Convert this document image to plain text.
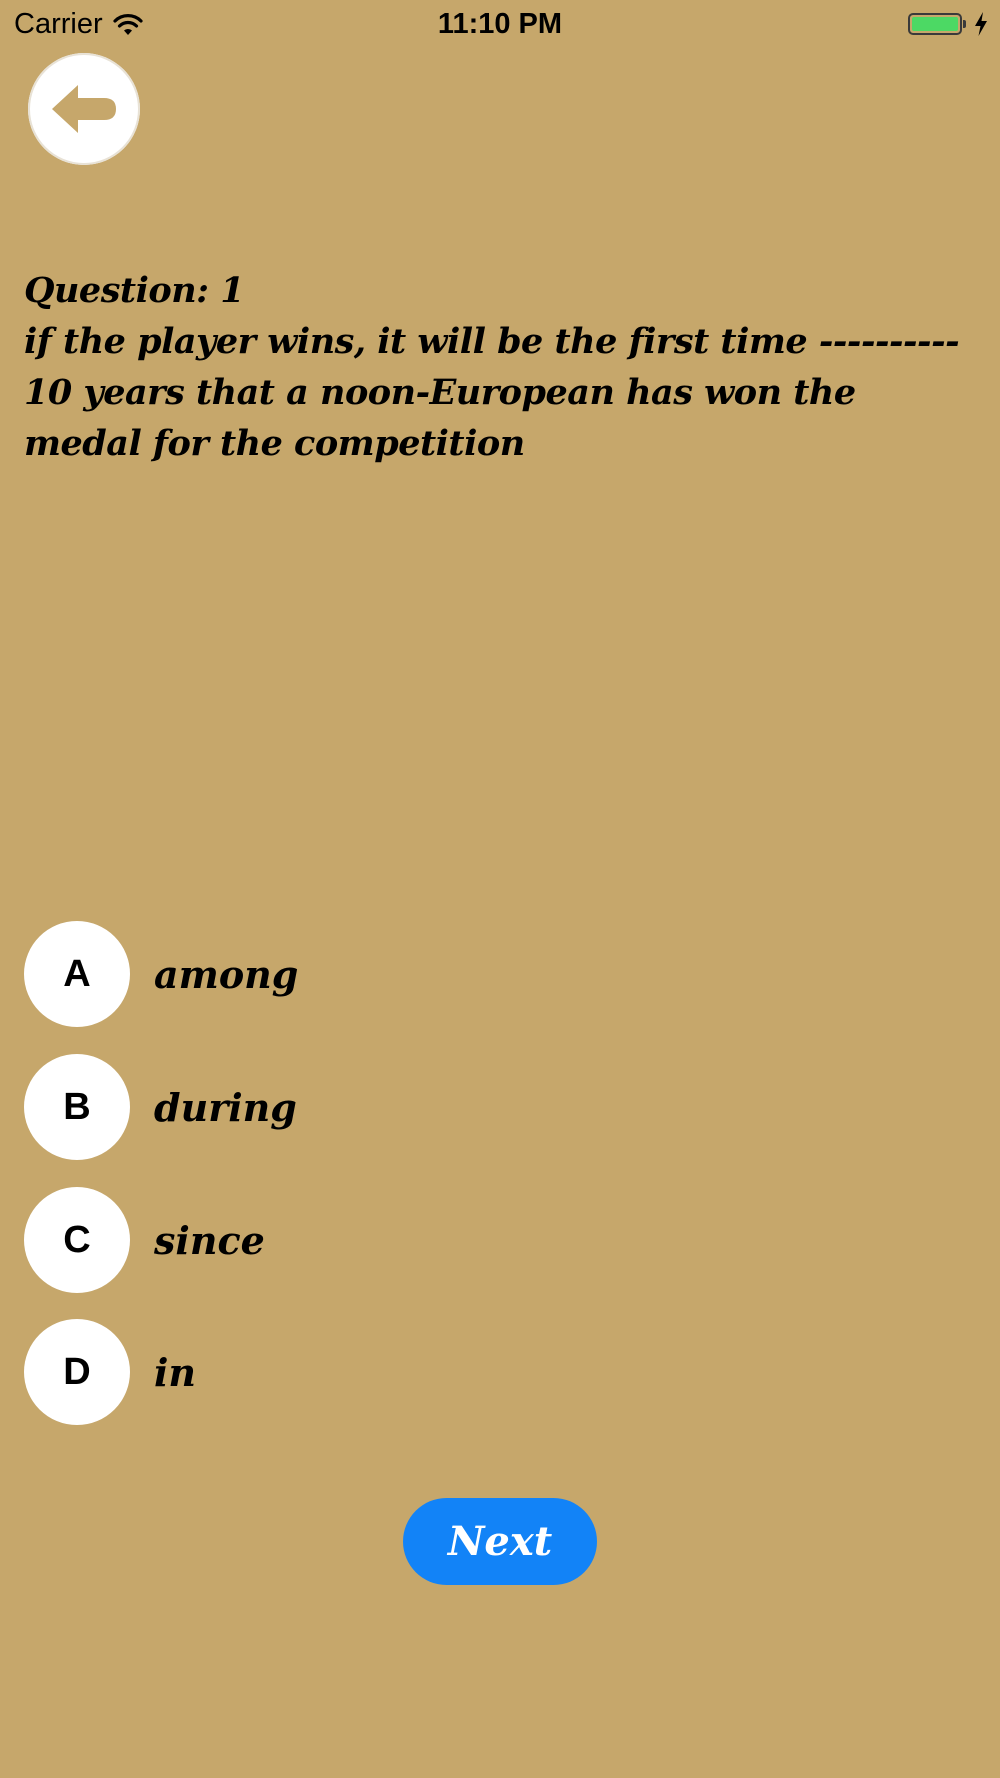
Carrier	11:10 PM
Question: 1
if the player wins, it will be the first time ---------- 10 years that a noon-European has won the medal for the competition
A	among
B	during
C	since
D	in
Next
